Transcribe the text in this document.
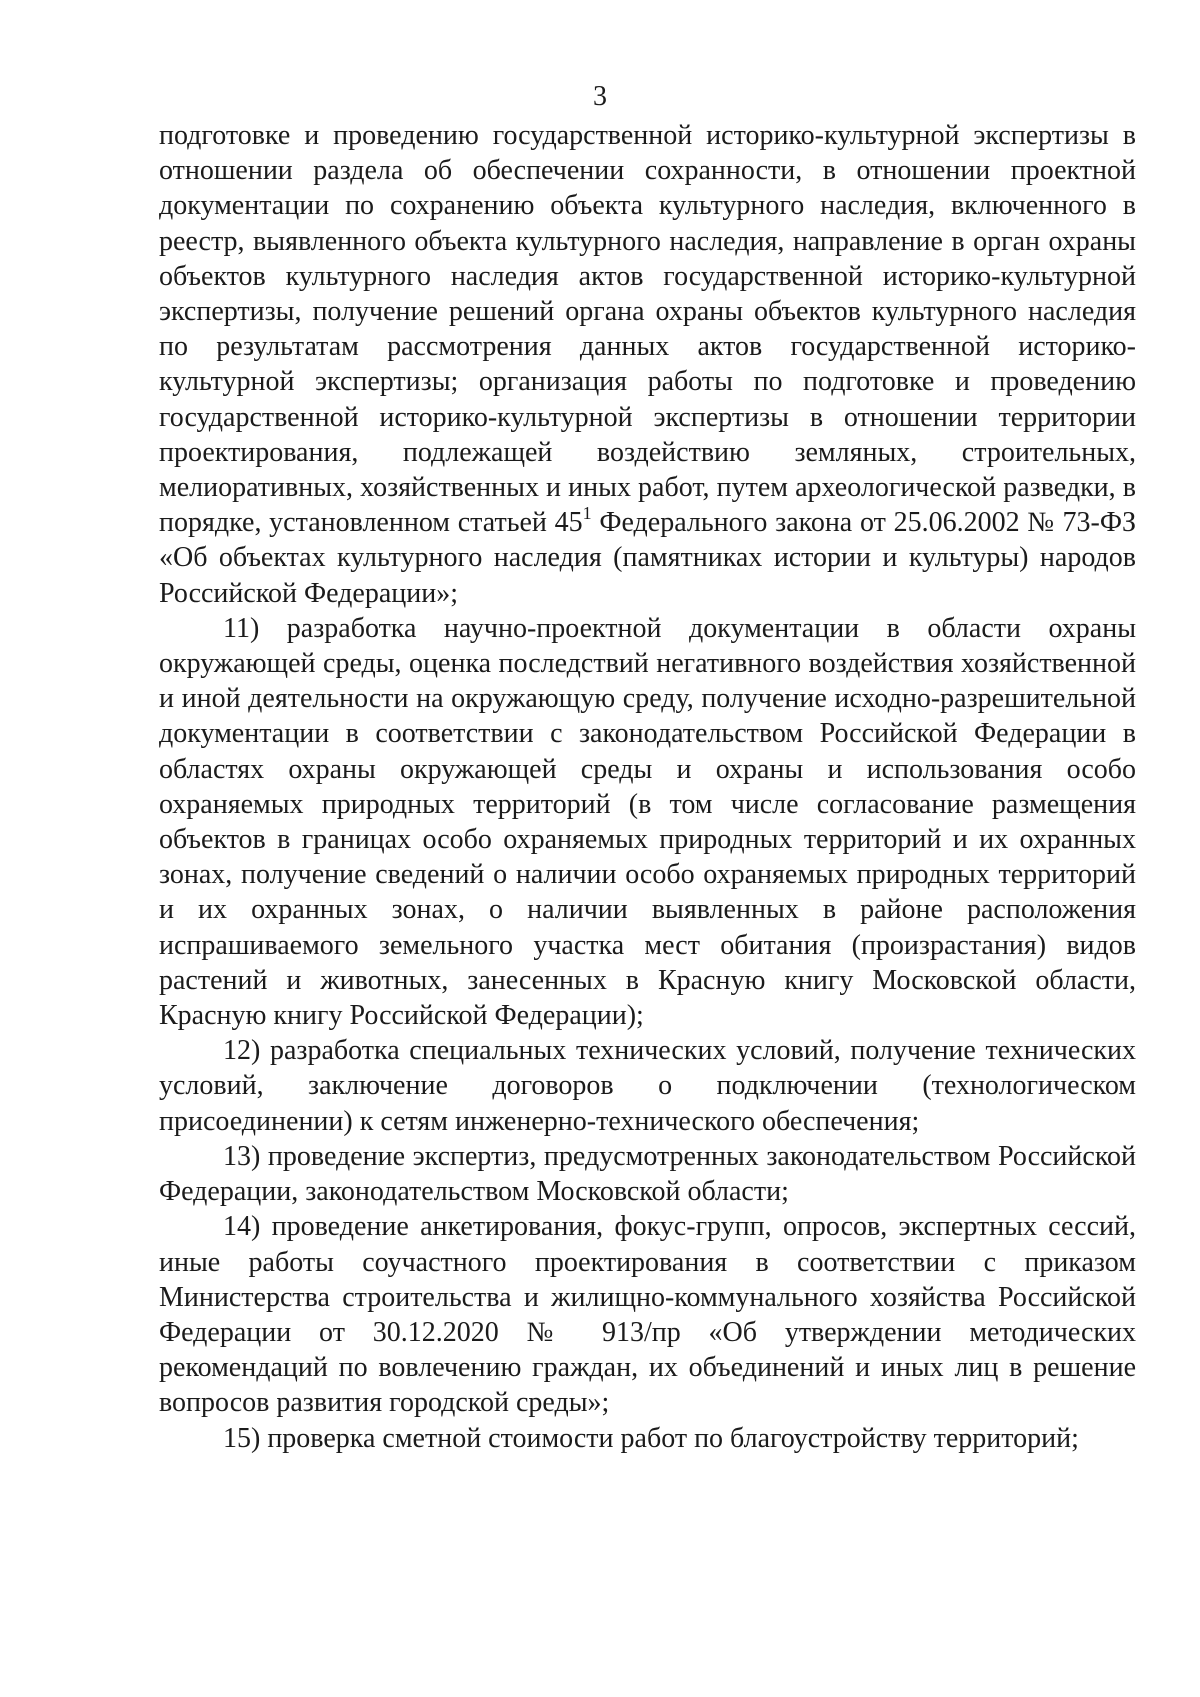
3

подготовке и проведению государственной историко-культурной экспертизы в отношении раздела об обеспечении сохранности, в отношении проектной документации по сохранению объекта культурного наследия, включенного в реестр, выявленного объекта культурного наследия, направление в орган охраны объектов культурного наследия актов государственной историко-культурной экспертизы, получение решений органа охраны объектов культурного наследия по результатам рассмотрения данных актов государственной историко-культурной экспертизы; организация работы по подготовке и проведению государственной историко-культурной экспертизы в отношении территории проектирования, подлежащей воздействию земляных, строительных, мелиоративных, хозяйственных и иных работ, путем археологической разведки, в порядке, установленном статьей $45^1$ Федерального закона от 25.06.2002 № 73-ФЗ «Об объектах культурного наследия (памятниках истории и культуры) народов Российской Федерации»;

11) разработка научно-проектной документации в области охраны окружающей среды, оценка последствий негативного воздействия хозяйственной и иной деятельности на окружающую среду, получение исходно-разрешительной документации в соответствии с законодательством Российской Федерации в областях охраны окружающей среды и охраны и использования особо охраняемых природных территорий (в том числе согласование размещения объектов в границах особо охраняемых природных территорий и их охранных зонах, получение сведений о наличии особо охраняемых природных территорий и их охранных зонах, о наличии выявленных в районе расположения испрашиваемого земельного участка мест обитания (произрастания) видов растений и животных, занесенных в Красную книгу Московской области, Красную книгу Российской Федерации);

12) разработка специальных технических условий, получение технических условий, заключение договоров о подключении (технологическом присоединении) к сетям инженерно-технического обеспечения;

13) проведение экспертиз, предусмотренных законодательством Российской Федерации, законодательством Московской области;

14) проведение анкетирования, фокус-групп, опросов, экспертных сессий, иные работы соучастного проектирования в соответствии с приказом Министерства строительства и жилищно-коммунального хозяйства Российской Федерации от 30.12.2020 № 913/пр «Об утверждении методических рекомендаций по вовлечению граждан, их объединений и иных лиц в решение вопросов развития городской среды»;

15) проверка сметной стоимости работ по благоустройству территорий;
